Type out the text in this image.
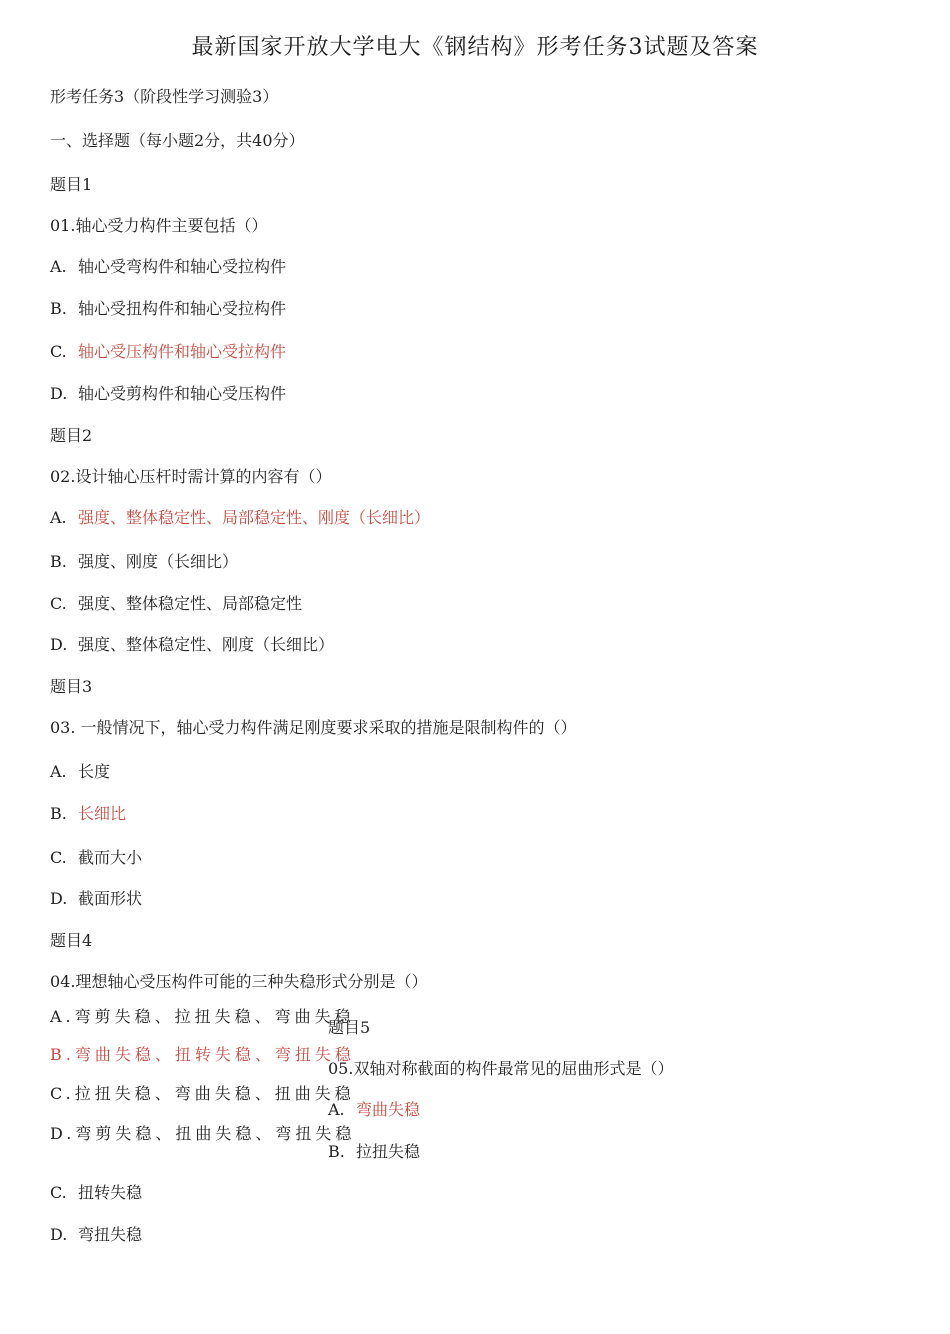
最新国家开放大学电大《钢结构》形考任务3试题及答案
形考任务3（阶段性学习测验3）
一、选择题（每小题2分，共40分）
题目1
01.轴心受力构件主要包括（）
A. 轴心受弯构件和轴心受拉构件
B. 轴心受扭构件和轴心受拉构件
C. 轴心受压构件和轴心受拉构件
D. 轴心受剪构件和轴心受压构件
题目2
02.设计轴心压杆时需计算的内容有（）
A. 强度、整体稳定性、局部稳定性、刚度（长细比）
B. 强度、刚度（长细比）
C. 强度、整体稳定性、局部稳定性
D. 强度、整体稳定性、刚度（长细比）
题目3
03. 一般情况下，轴心受力构件满足刚度要求采取的措施是限制构件的（）
A. 长度
B. 长细比
C. 截而大小
D. 截面形状
题目4
04.理想轴心受压构件可能的三种失稳形式分别是（）
A.弯剪失稳、拉扭失稳、弯曲失稳
B.弯曲失稳、扭转失稳、弯扭失稳
C.拉扭失稳、弯曲失稳、扭曲失稳
D.弯剪失稳、扭曲失稳、弯扭失稳
题目5
05.双轴对称截面的构件最常见的屈曲形式是（）
A. 弯曲失稳
B. 拉扭失稳
C. 扭转失稳
D. 弯扭失稳
